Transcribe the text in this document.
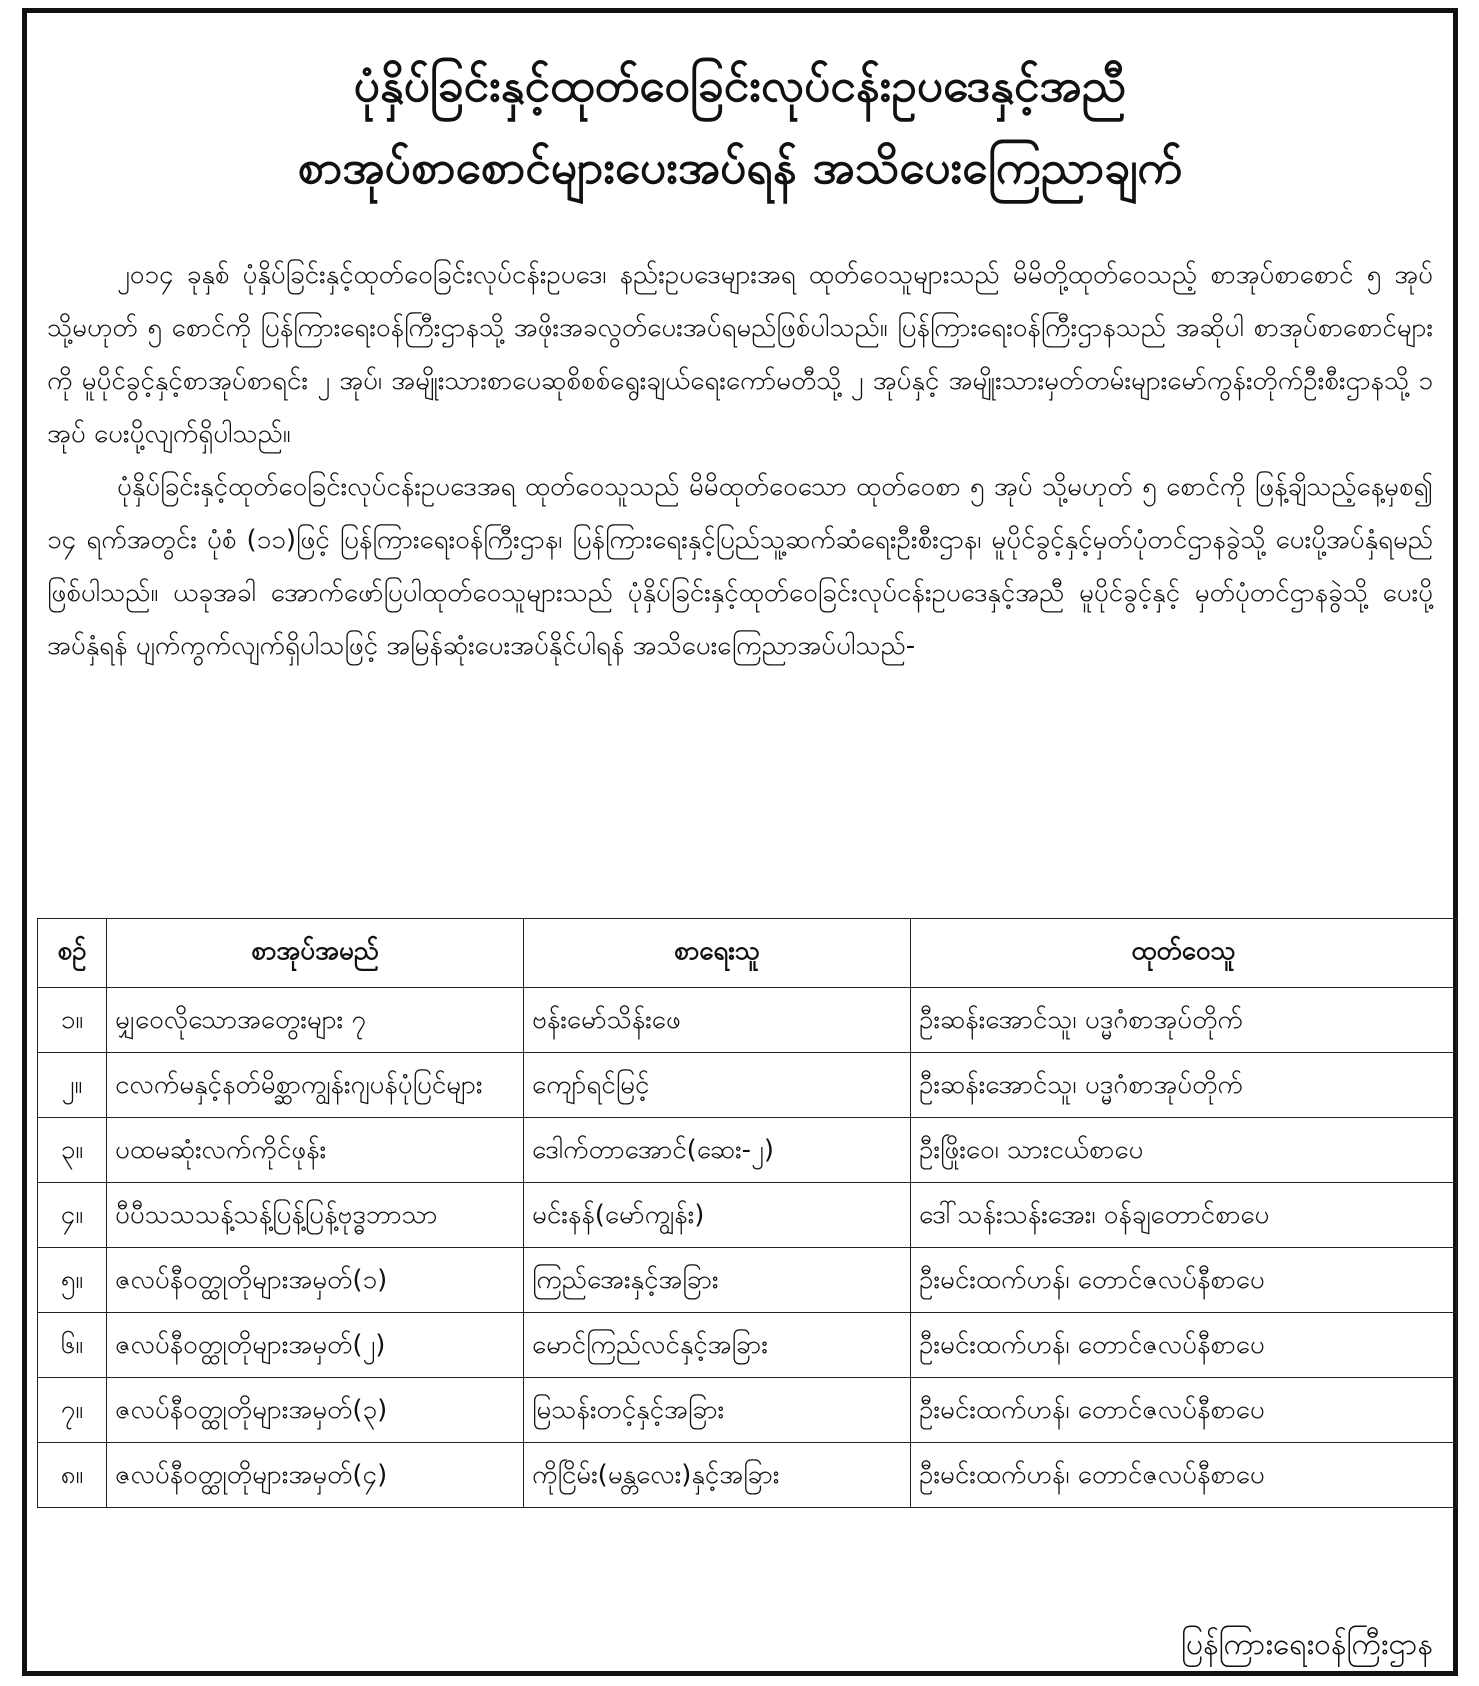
ပုံနှိပ်ခြင်းနှင့်ထုတ်ဝေခြင်းလုပ်ငန်းဥပဒေနှင့်အညီ
စာအုပ်စာစောင်များပေးအပ်ရန် အသိပေးကြေညာချက်

၂၀၁၄ ခုနှစ် ပုံနှိပ်ခြင်းနှင့်ထုတ်ဝေခြင်းလုပ်ငန်းဥပဒေ၊ နည်းဥပဒေများအရ ထုတ်ဝေသူများသည် မိမိတို့ထုတ်ဝေသည့် စာအုပ်စာစောင် ၅ အုပ် သို့မဟုတ် ၅ စောင်ကို ပြန်ကြားရေးဝန်ကြီးဌာနသို့ အဖိုးအခလွတ်ပေးအပ်ရမည်ဖြစ်ပါသည်။ ပြန်ကြားရေးဝန်ကြီးဌာနသည် အဆိုပါ စာအုပ်စာစောင်များကို မူပိုင်ခွင့်နှင့်စာအုပ်စာရင်း ၂ အုပ်၊ အမျိုးသားစာပေဆုစိစစ်ရွေးချယ်ရေးကော်မတီသို့ ၂ အုပ်နှင့် အမျိုးသားမှတ်တမ်းများမော်ကွန်းတိုက်ဦးစီးဌာနသို့ ၁ အုပ် ပေးပို့လျက်ရှိပါသည်။

ပုံနှိပ်ခြင်းနှင့်ထုတ်ဝေခြင်းလုပ်ငန်းဥပဒေအရ ထုတ်ဝေသူသည် မိမိထုတ်ဝေသော ထုတ်ဝေစာ ၅ အုပ် သို့မဟုတ် ၅ စောင်ကို ဖြန့်ချိသည့်နေ့မှစ၍ ၁၄ ရက်အတွင်း ပုံစံ (၁၁)ဖြင့် ပြန်ကြားရေးဝန်ကြီးဌာန၊ ပြန်ကြားရေးနှင့်ပြည်သူ့ဆက်ဆံရေးဦးစီးဌာန၊ မူပိုင်ခွင့်နှင့်မှတ်ပုံတင်ဌာနခွဲသို့ ပေးပို့အပ်နှံရမည်ဖြစ်ပါသည်။ ယခုအခါ အောက်ဖော်ပြပါထုတ်ဝေသူများသည် ပုံနှိပ်ခြင်းနှင့်ထုတ်ဝေခြင်းလုပ်ငန်းဥပဒေနှင့်အညီ မူပိုင်ခွင့်နှင့် မှတ်ပုံတင်ဌာနခွဲသို့ ပေးပို့အပ်နှံရန် ပျက်ကွက်လျက်ရှိပါသဖြင့် အမြန်ဆုံးပေးအပ်နိုင်ပါရန် အသိပေးကြေညာအပ်ပါသည်-

စဉ်	စာအုပ်အမည်	စာရေးသူ	ထုတ်ဝေသူ
၁။	မျှဝေလိုသောအတွေးများ ၇	ဗန်းမော်သိန်းဖေ	ဦးဆန်းအောင်သူ၊ ပဒ္မဂံစာအုပ်တိုက်
၂။	ငလက်မနှင့်နတ်မိစ္ဆာကျွန်းဂျပန်ပုံပြင်များ	ကျော်ရင်မြင့်	ဦးဆန်းအောင်သူ၊ ပဒ္မဂံစာအုပ်တိုက်
၃။	ပထမဆုံးလက်ကိုင်ဖုန်း	ဒေါက်တာအောင်(ဆေး-၂)	ဦးဖြိုးဝေ၊ သားငယ်စာပေ
၄။	ပီပီသသသန့်သန့်ပြန့်ပြန့်ဗုဒ္ဓဘာသာ	မင်းနန်(မော်ကျွန်း)	ဒေါ်သန်းသန်းအေး၊ ဝန်ချတောင်စာပေ
၅။	ဇလပ်နီဝတ္ထုတိုများအမှတ်(၁)	ကြည်အေးနှင့်အခြား	ဦးမင်းထက်ဟန်၊ တောင်ဇလပ်နီစာပေ
၆။	ဇလပ်နီဝတ္ထုတိုများအမှတ်(၂)	မောင်ကြည်လင်နှင့်အခြား	ဦးမင်းထက်ဟန်၊ တောင်ဇလပ်နီစာပေ
၇။	ဇလပ်နီဝတ္ထုတိုများအမှတ်(၃)	မြသန်းတင့်နှင့်အခြား	ဦးမင်းထက်ဟန်၊ တောင်ဇလပ်နီစာပေ
၈။	ဇလပ်နီဝတ္ထုတိုများအမှတ်(၄)	ကိုငြိမ်း(မန္တလေး)နှင့်အခြား	ဦးမင်းထက်ဟန်၊ တောင်ဇလပ်နီစာပေ
ပြန်ကြားရေးဝန်ကြီးဌာန
